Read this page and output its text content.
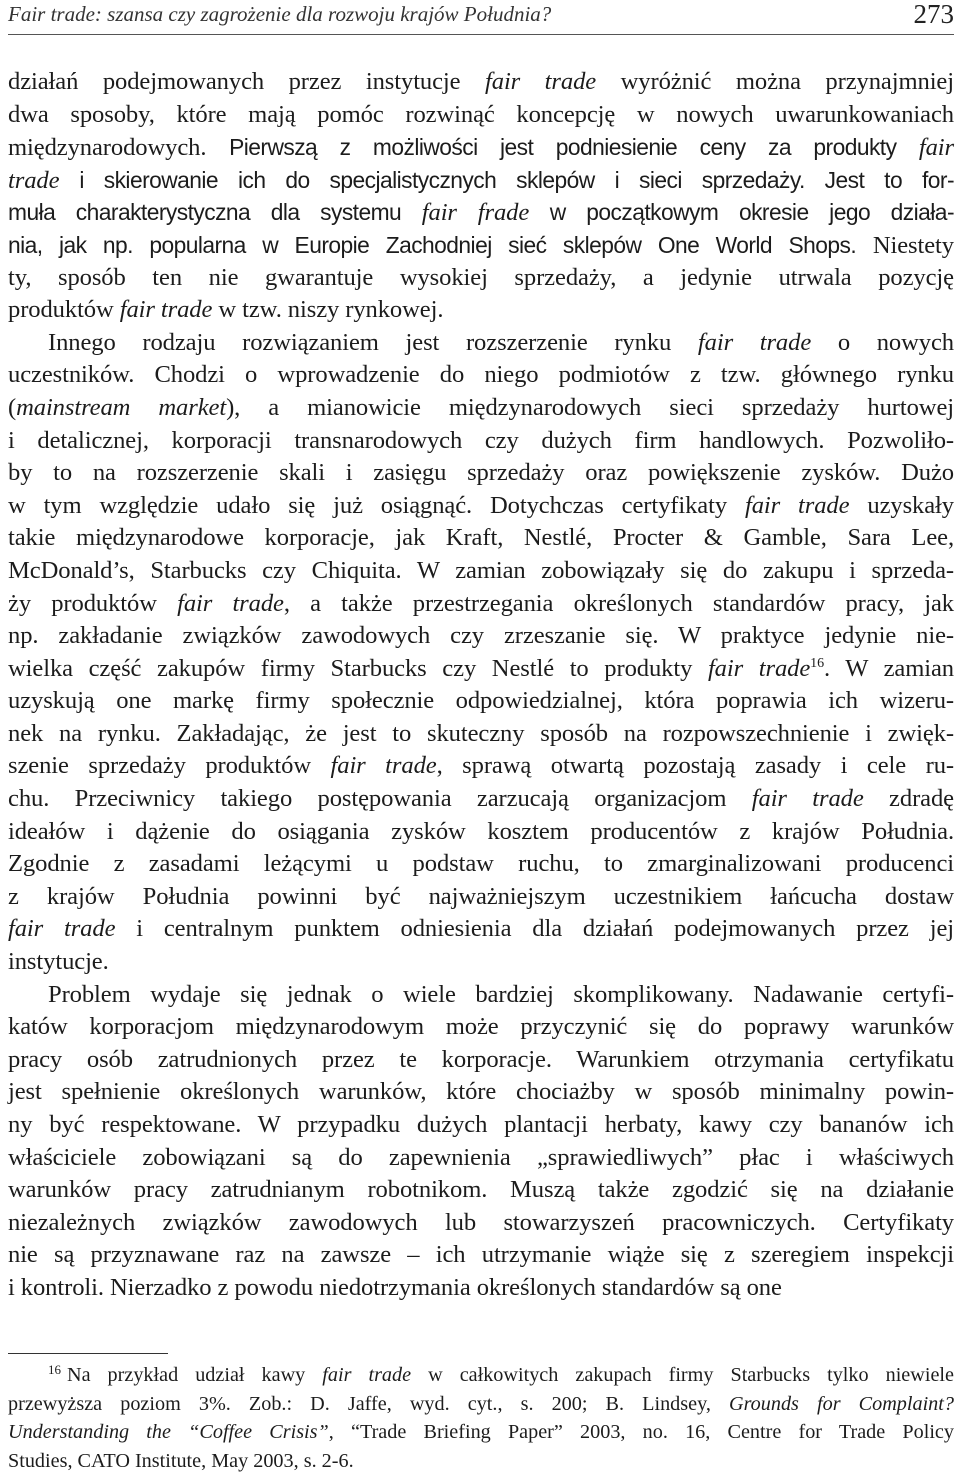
Fair trade: szansa czy zagrożenie dla rozwoju krajów Południa?	273
działań podejmowanych przez instytucje fair trade wyróżnić można przynajmniej
dwa sposoby, które mają pomóc rozwinąć koncepcję w nowych uwarunkowaniach
międzynarodowych. Pierwszą z możliwości jest podniesienie ceny za produkty fair
trade i skierowanie ich do specjalistycznych sklepów i sieci sprzedaży. Jest to for-
muła charakterystyczna dla systemu fair frade w początkowym okresie jego działa-
nia, jak np. popularna w Europie Zachodniej sieć sklepów One World Shops. Niestety
ty, sposób ten nie gwarantuje wysokiej sprzedaży, a jedynie utrwala pozycję
produktów fair trade w tzw. niszy rynkowej.
Innego rodzaju rozwiązaniem jest rozszerzenie rynku fair trade o nowych
uczestników. Chodzi o wprowadzenie do niego podmiotów z tzw. głównego rynku
(mainstream market), a mianowicie międzynarodowych sieci sprzedaży hurtowej
i detalicznej, korporacji transnarodowych czy dużych firm handlowych. Pozwoliło-
by to na rozszerzenie skali i zasięgu sprzedaży oraz powiększenie zysków. Dużo
w tym względzie udało się już osiągnąć. Dotychczas certyfikaty fair trade uzyskały
takie międzynarodowe korporacje, jak Kraft, Nestlé, Procter & Gamble, Sara Lee,
McDonald’s, Starbucks czy Chiquita. W zamian zobowiązały się do zakupu i sprzeda-
ży produktów fair trade, a także przestrzegania określonych standardów pracy, jak
np. zakładanie związków zawodowych czy zrzeszanie się. W praktyce jedynie nie-
wielka część zakupów firmy Starbucks czy Nestlé to produkty fair trade$^{16}$. W zamian
uzyskują one markę firmy społecznie odpowiedzialnej, która poprawia ich wizeru-
nek na rynku. Zakładając, że jest to skuteczny sposób na rozpowszechnienie i zwięk-
szenie sprzedaży produktów fair trade, sprawą otwartą pozostają zasady i cele ru-
chu. Przeciwnicy takiego postępowania zarzucają organizacjom fair trade zdradę
ideałów i dążenie do osiągania zysków kosztem producentów z krajów Południa.
Zgodnie z zasadami leżącymi u podstaw ruchu, to zmarginalizowani producenci
z krajów Południa powinni być najważniejszym uczestnikiem łańcucha dostaw
fair trade i centralnym punktem odniesienia dla działań podejmowanych przez jej
instytucje.
Problem wydaje się jednak o wiele bardziej skomplikowany. Nadawanie certyfi-
katów korporacjom międzynarodowym może przyczynić się do poprawy warunków
pracy osób zatrudnionych przez te korporacje. Warunkiem otrzymania certyfikatu
jest spełnienie określonych warunków, które chociażby w sposób minimalny powin-
ny być respektowane. W przypadku dużych plantacji herbaty, kawy czy bananów ich
właściciele zobowiązani są do zapewnienia „sprawiedliwych” płac i właściwych
warunków pracy zatrudnianym robotnikom. Muszą także zgodzić się na działanie
niezależnych związków zawodowych lub stowarzyszeń pracowniczych. Certyfikaty
nie są przyznawane raz na zawsze – ich utrzymanie wiąże się z szeregiem inspekcji
i kontroli. Nierzadko z powodu niedotrzymania określonych standardów są one
$^{16}$ Na przykład udział kawy fair trade w całkowitych zakupach firmy Starbucks tylko niewiele
przewyższa poziom 3%. Zob.: D. Jaffe, wyd. cyt., s. 200; B. Lindsey, Grounds for Complaint?
Understanding the “Coffee Crisis”, “Trade Briefing Paper” 2003, no. 16, Centre for Trade Policy
Studies, CATO Institute, May 2003, s. 2-6.
